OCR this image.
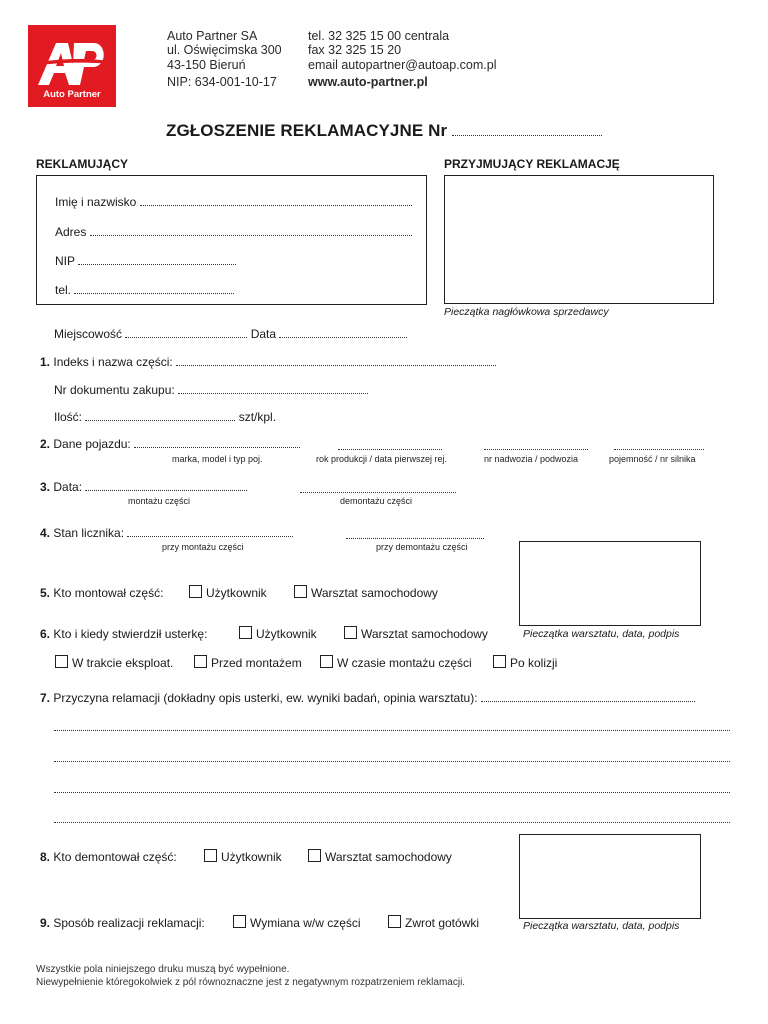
Auto Partner
Auto Partner SA
ul. Oświęcimska 300
43-150 Bieruń
NIP: 634-001-10-17
tel. 32 325 15 00 centrala
fax 32 325 15 20
email autopartner@autoap.com.pl
www.auto-partner.pl
ZGŁOSZENIE REKLAMACYJNE Nr
REKLAMUJĄCY	PRZYJMUJĄCY REKLAMACJĘ
Imię i nazwisko
Adres
NIP
tel.
Pieczątka nagłówkowa sprzedawcy
Miejscowość	Data
1. Indeks i nazwa części:
Nr dokumentu zakupu:
Ilość:	szt/kpl.
2. Dane pojazdu:
marka, model i typ poj.	rok produkcji / data pierwszej rej.	nr nadwozia / podwozia	pojemność / nr silnika
3. Data:
montażu części	demontażu części
4. Stan licznika:
przy montażu części	przy demontażu części
Pieczątka warsztatu, data, podpis
5. Kto montował część:	Użytkownik	Warsztat samochodowy
6. Kto i kiedy stwierdził usterkę:	Użytkownik	Warsztat samochodowy
W trakcie eksploat.	Przed montażem	W czasie montażu części	Po kolizji
7. Przyczyna relamacji (dokładny opis usterki, ew. wyniki badań, opinia warsztatu):
8. Kto demontował część:	Użytkownik	Warsztat samochodowy
Pieczątka warsztatu, data, podpis
9. Sposób realizacji reklamacji:	Wymiana w/w części	Zwrot gotówki
Wszystkie pola niniejszego druku muszą być wypełnione.
Niewypełnienie któregokolwiek z pól równoznaczne jest z negatywnym rozpatrzeniem reklamacji.
